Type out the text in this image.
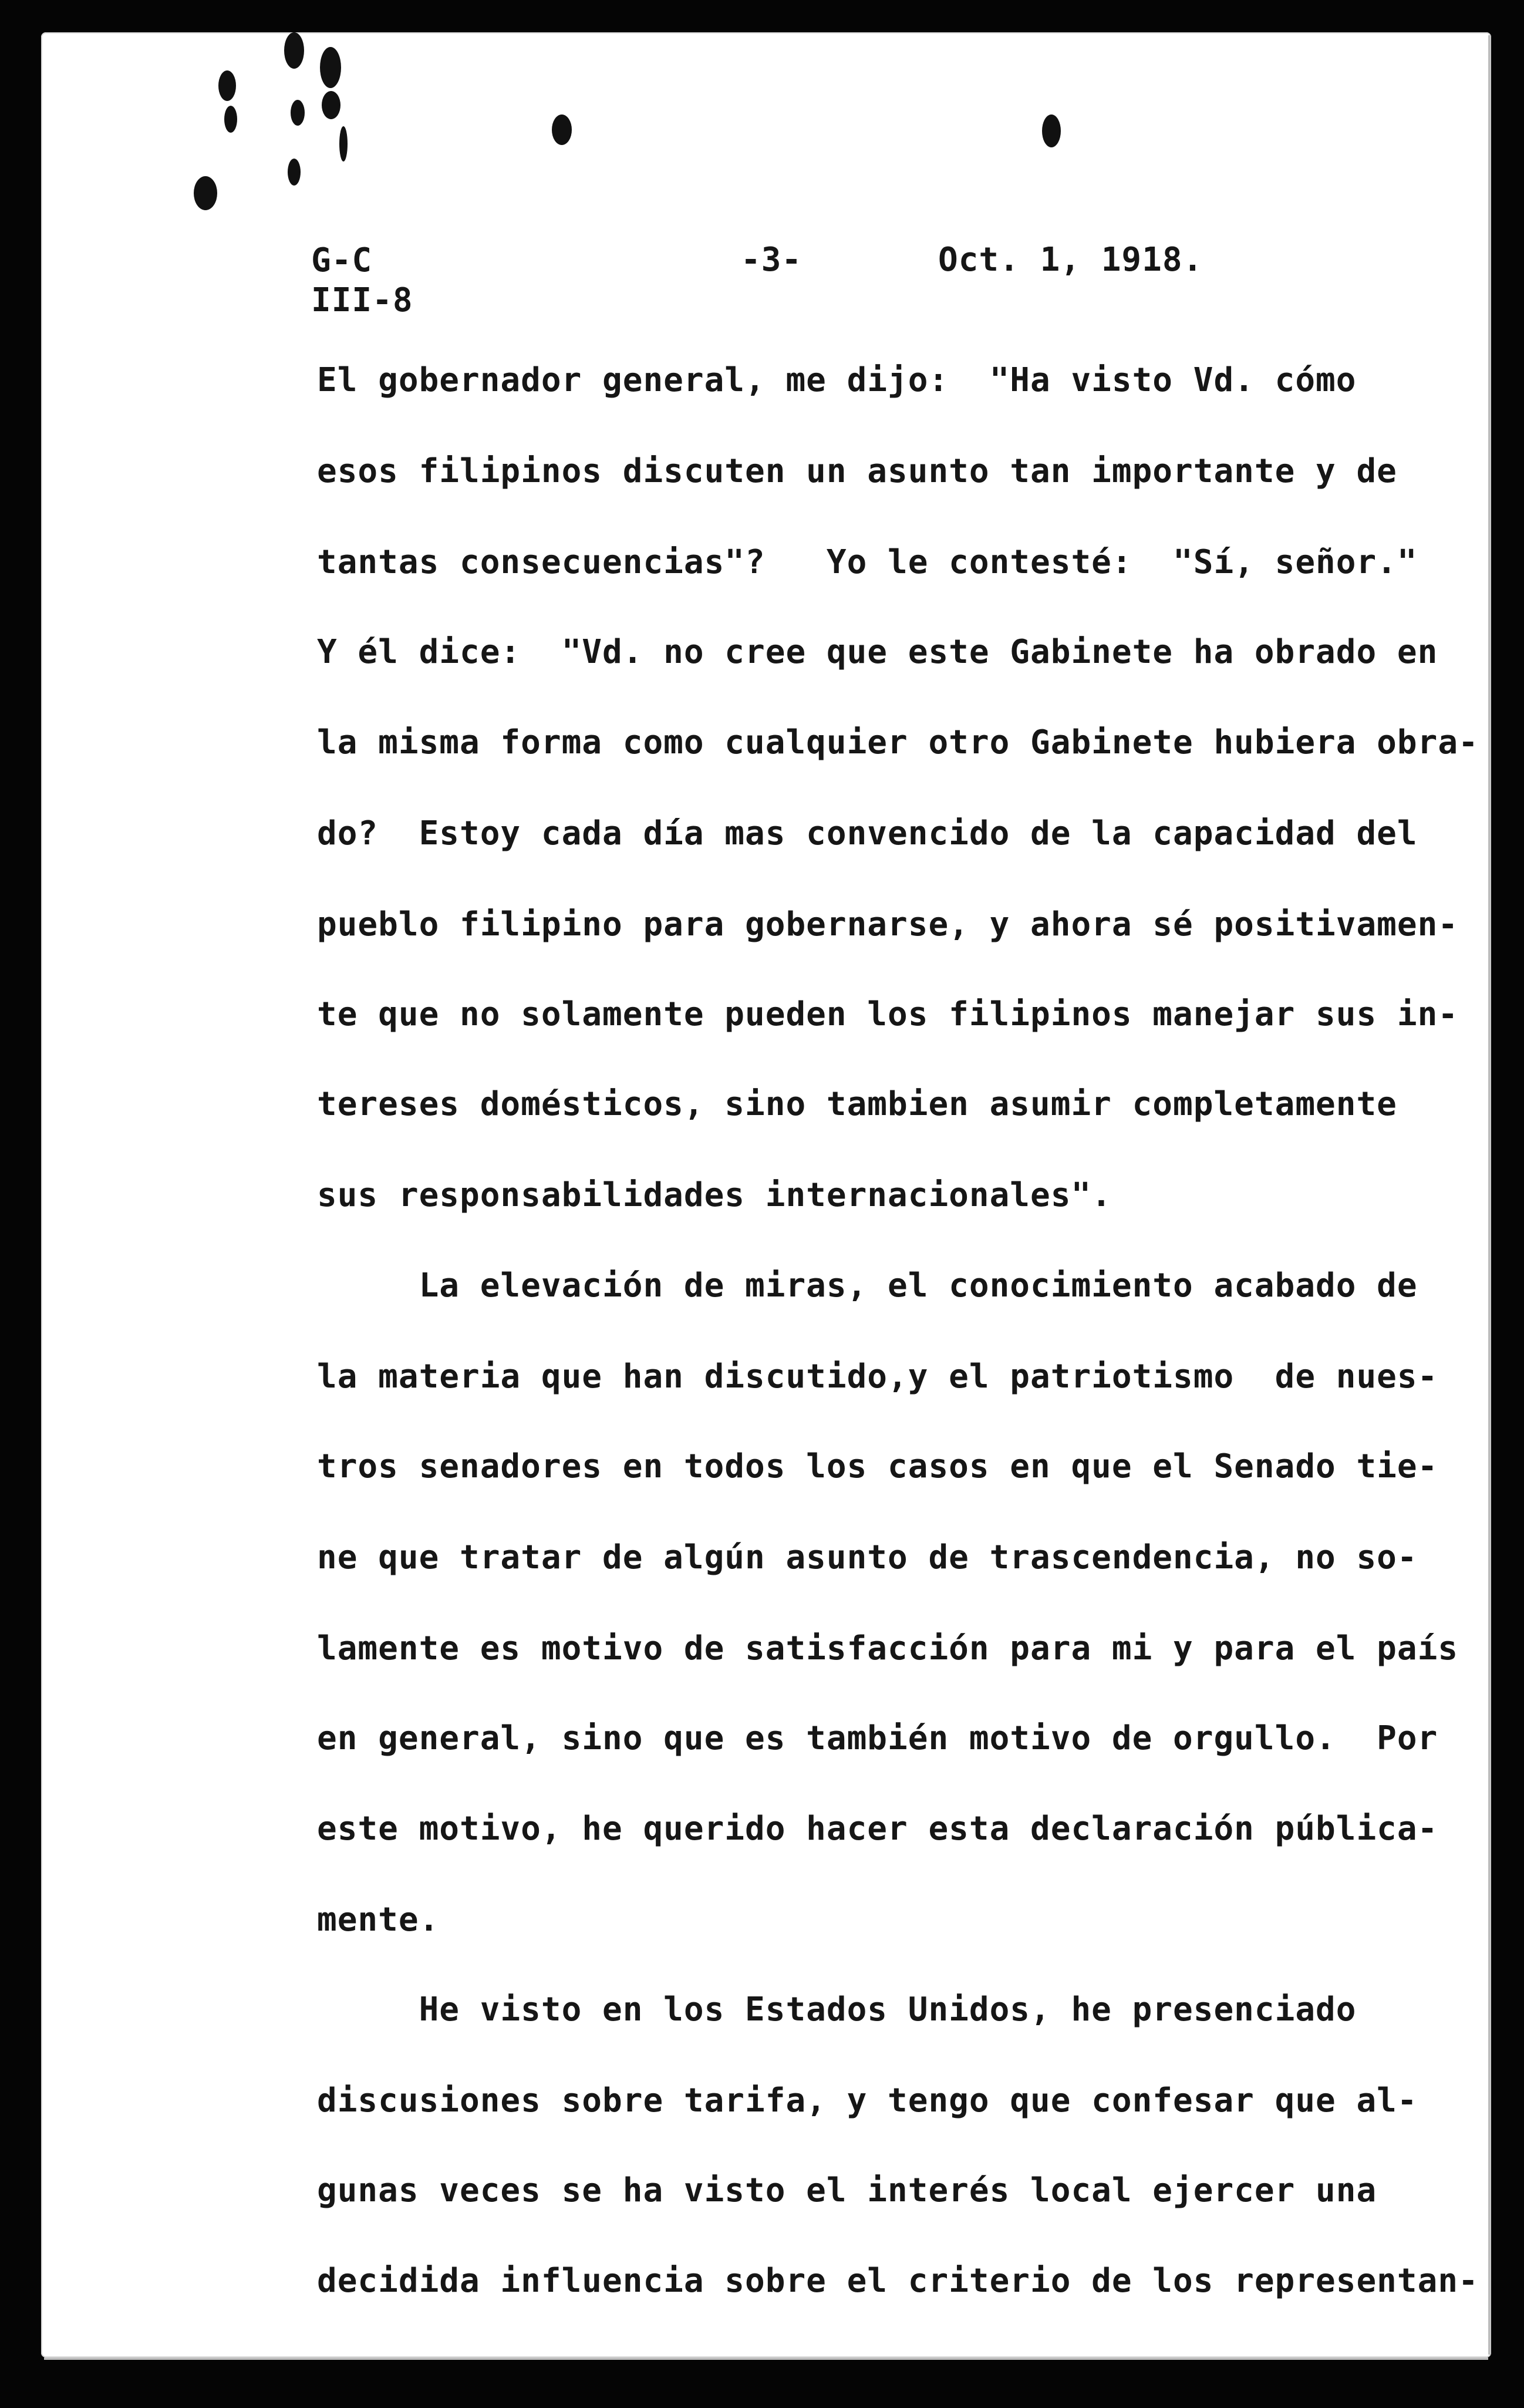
G-C
III-8
-3-	Oct. 1, 1918.
El gobernador general, me dijo:  "Ha visto Vd. cómo
esos filipinos discuten un asunto tan importante y de
tantas consecuencias"?   Yo le contesté:  "Sí, señor."
Y él dice:  "Vd. no cree que este Gabinete ha obrado en
la misma forma como cualquier otro Gabinete hubiera obra-
do?  Estoy cada día mas convencido de la capacidad del
pueblo filipino para gobernarse, y ahora sé positivamen-
te que no solamente pueden los filipinos manejar sus in-
tereses domésticos, sino tambien asumir completamente
sus responsabilidades internacionales".
La elevación de miras, el conocimiento acabado de
la materia que han discutido,y el patriotismo  de nues-
tros senadores en todos los casos en que el Senado tie-
ne que tratar de algún asunto de trascendencia, no so-
lamente es motivo de satisfacción para mi y para el país
en general, sino que es también motivo de orgullo.  Por
este motivo, he querido hacer esta declaración públicа-
mente.
He visto en los Estados Unidos, he presenciado
discusiones sobre tarifa, y tengo que confesar que al-
gunas veces se ha visto el interés local ejercer una
decidida influencia sobre el criterio de los representan-
